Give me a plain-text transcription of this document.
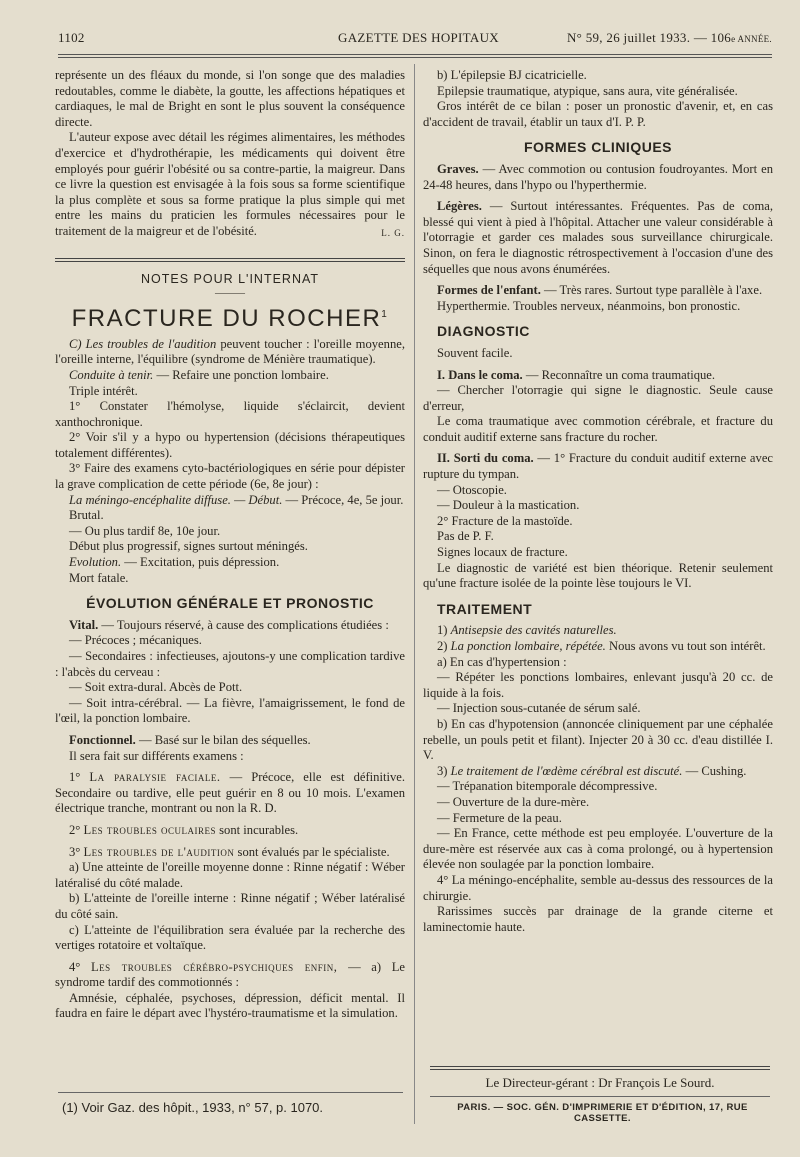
1102	GAZETTE DES HOPITAUX	N° 59, 26 juillet 1933. — 106e ANNÉE.

représente un des fléaux du monde, si l'on songe que des maladies redoutables, comme le diabète, la goutte, les affections hépatiques et cardiaques, le mal de Bright en sont le plus souvent la conséquence directe.

L'auteur expose avec détail les régimes alimentaires, les méthodes d'exercice et d'hydrothérapie, les médicaments qui doivent être employés pour guérir l'obésité ou sa contre-partie, la maigreur. Dans ce livre la question est envisagée à la fois sous sa forme scientifique la plus complète et sous sa forme pratique la plus simple qui met entre les mains du praticien les formules nécessaires pour le traitement de la maigreur et de l'obésité.	L. G.
NOTES POUR L'INTERNAT
———
FRACTURE DU ROCHER$^1$

C) Les troubles de l'audition peuvent toucher : l'oreille moyenne, l'oreille interne, l'équilibre (syndrome de Ménière traumatique).

Conduite à tenir. — Refaire une ponction lombaire.

Triple intérêt.

1° Constater l'hémolyse, liquide s'éclaircit, devient xanthochronique.

2° Voir s'il y a hypo ou hypertension (décisions thérapeutiques totalement différentes).

3° Faire des examens cyto-bactériologiques en série pour dépister la grave complication de cette période (6e, 8e jour) :

La méningo-encéphalite diffuse. — Début. — Précoce, 4e, 5e jour.

Brutal.

— Ou plus tardif 8e, 10e jour.

Début plus progressif, signes surtout méningés.

Evolution. — Excitation, puis dépression.

Mort fatale.

ÉVOLUTION GÉNÉRALE ET PRONOSTIC

Vital. — Toujours réservé, à cause des complications étudiées :

— Précoces ; mécaniques.

— Secondaires : infectieuses, ajoutons-y une complication tardive : l'abcès du cerveau :

— Soit extra-dural. Abcès de Pott.

— Soit intra-cérébral. — La fièvre, l'amaigrissement, le fond de l'œil, la ponction lombaire.

Fonctionnel. — Basé sur le bilan des séquelles.

Il sera fait sur différents examens :

1° La paralysie faciale. — Précoce, elle est définitive. Secondaire ou tardive, elle peut guérir en 8 ou 10 mois. L'examen électrique tranche, montrant ou non la R. D.

2° Les troubles oculaires sont incurables.

3° Les troubles de l'audition sont évalués par le spécialiste.

a) Une atteinte de l'oreille moyenne donne : Rinne négatif : Wéber latéralisé du côté malade.

b) L'atteinte de l'oreille interne : Rinne négatif ; Wéber latéralisé du côté sain.

c) L'atteinte de l'équilibration sera évaluée par la recherche des vertiges rotatoire et voltaïque.

4° Les troubles cérébro-psychiques enfin, — a) Le syndrome tardif des commotionnés :

Amnésie, céphalée, psychoses, dépression, déficit mental. Il faudra en faire le départ avec l'hystéro-traumatisme et la simulation.

(1) Voir Gaz. des hôpit., 1933, n° 57, p. 1070.

b) L'épilepsie BJ cicatricielle.

Epilepsie traumatique, atypique, sans aura, vite généralisée.

Gros intérêt de ce bilan : poser un pronostic d'avenir, et, en cas d'accident de travail, établir un taux d'I. P. P.

FORMES CLINIQUES

Graves. — Avec commotion ou contusion foudroyantes. Mort en 24-48 heures, dans l'hypo ou l'hyperthermie.

Légères. — Surtout intéressantes. Fréquentes. Pas de coma, blessé qui vient à pied à l'hôpital. Attacher une valeur considérable à l'otorragie et garder ces malades sous surveillance chirurgicale. Sinon, on fera le diagnostic rétrospectivement à l'occasion d'une des séquelles que nous avons énumérées.

Formes de l'enfant. — Très rares. Surtout type parallèle à l'axe.

Hyperthermie. Troubles nerveux, néanmoins, bon pronostic.

DIAGNOSTIC

Souvent facile.

I. Dans le coma. — Reconnaître un coma traumatique.

— Chercher l'otorragie qui signe le diagnostic. Seule cause d'erreur,

Le coma traumatique avec commotion cérébrale, et fracture du conduit auditif externe sans fracture du rocher.

II. Sorti du coma. — 1° Fracture du conduit auditif externe avec rupture du tympan.

— Otoscopie.

— Douleur à la mastication.

2° Fracture de la mastoïde.

Pas de P. F.

Signes locaux de fracture.

Le diagnostic de variété est bien théorique. Retenir seulement qu'une fracture isolée de la pointe lèse toujours le VI.

TRAITEMENT

1) Antisepsie des cavités naturelles.

2) La ponction lombaire, répétée. Nous avons vu tout son intérêt.

a) En cas d'hypertension :

— Répéter les ponctions lombaires, enlevant jusqu'à 20 cc. de liquide à la fois.

— Injection sous-cutanée de sérum salé.

b) En cas d'hypotension (annoncée cliniquement par une céphalée rebelle, un pouls petit et filant). Injecter 20 à 30 cc. d'eau distillée I. V.

3) Le traitement de l'œdème cérébral est discuté. — Cushing.

— Trépanation bitemporale décompressive.

— Ouverture de la dure-mère.

— Fermeture de la peau.

— En France, cette méthode est peu employée. L'ouverture de la dure-mère est réservée aux cas à coma prolongé, ou à hypertension élevée non soulagée par la ponction lombaire.

4° La méningo-encéphalite, semble au-dessus des ressources de la chirurgie.

Rarissimes succès par drainage de la grande citerne et laminectomie haute.

Le Directeur-gérant : Dr François Le Sourd.
PARIS. — SOC. GÉN. D'IMPRIMERIE ET D'ÉDITION, 17, RUE CASSETTE.
